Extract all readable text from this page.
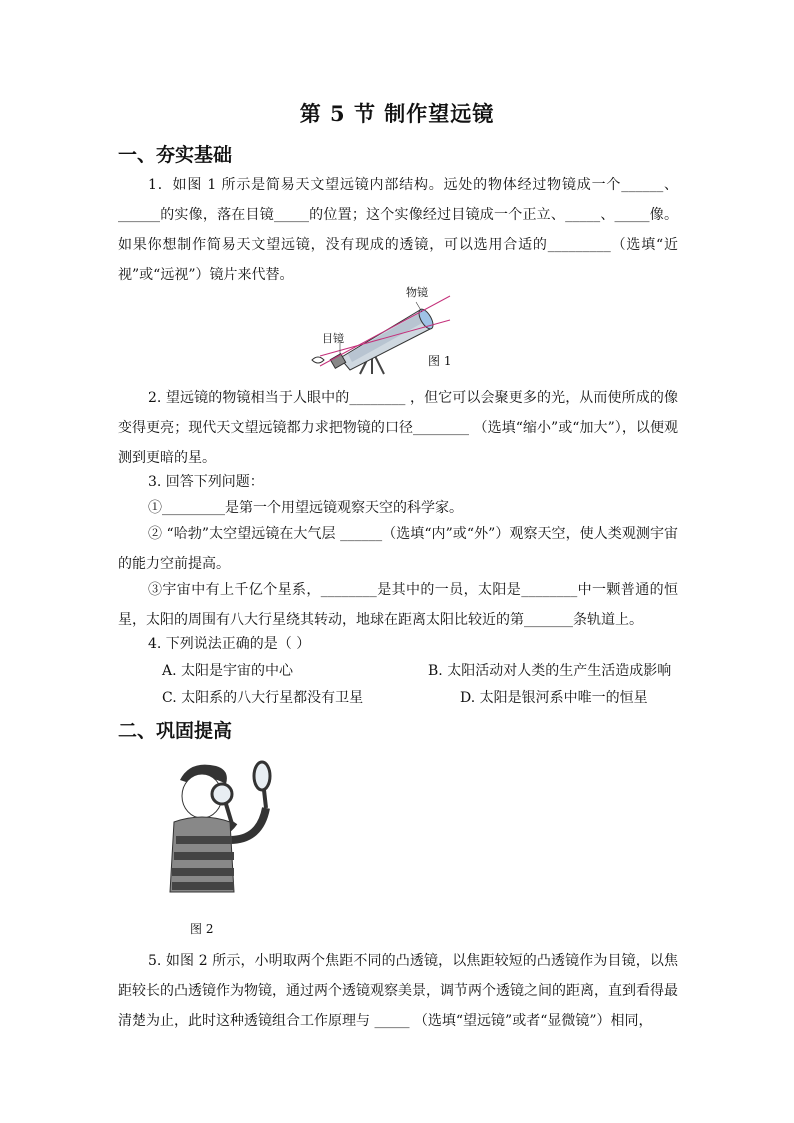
第 5 节 制作望远镜
一、夯实基础
1．如图 1 所示是简易天文望远镜内部结构。远处的物体经过物镜成一个______、______的实像，落在目镜_____的位置；这个实像经过目镜成一个正立、_____、_____像。如果你想制作简易天文望远镜，没有现成的透镜，可以选用合适的_________（选填“近视”或“远视”）镜片来代替。
物镜
目镜
图 1
2. 望远镜的物镜相当于人眼中的________ ，但它可以会聚更多的光，从而使所成的像变得更亮；现代天文望远镜都力求把物镜的口径________ （选填“缩小”或“加大”），以便观测到更暗的星。
3. 回答下列问题：
①_________是第一个用望远镜观察天空的科学家。
② “哈勃”太空望远镜在大气层 ______（选填“内”或“外”）观察天空，使人类观测宇宙的能力空前提高。
③宇宙中有上千亿个星系，________是其中的一员，太阳是________中一颗普通的恒星，太阳的周围有八大行星绕其转动，地球在距离太阳比较近的第_______条轨道上。
4. 下列说法正确的是（ ）
A. 太阳是宇宙的中心	B. 太阳活动对人类的生产生活造成影响
C. 太阳系的八大行星都没有卫星	D. 太阳是银河系中唯一的恒星
二、巩固提高
图 2
5. 如图 2 所示，小明取两个焦距不同的凸透镜，以焦距较短的凸透镜作为目镜，以焦距较长的凸透镜作为物镜，通过两个透镜观察美景，调节两个透镜之间的距离，直到看得最清楚为止，此时这种透镜组合工作原理与 _____ （选填“望远镜”或者“显微镜”）相同，
